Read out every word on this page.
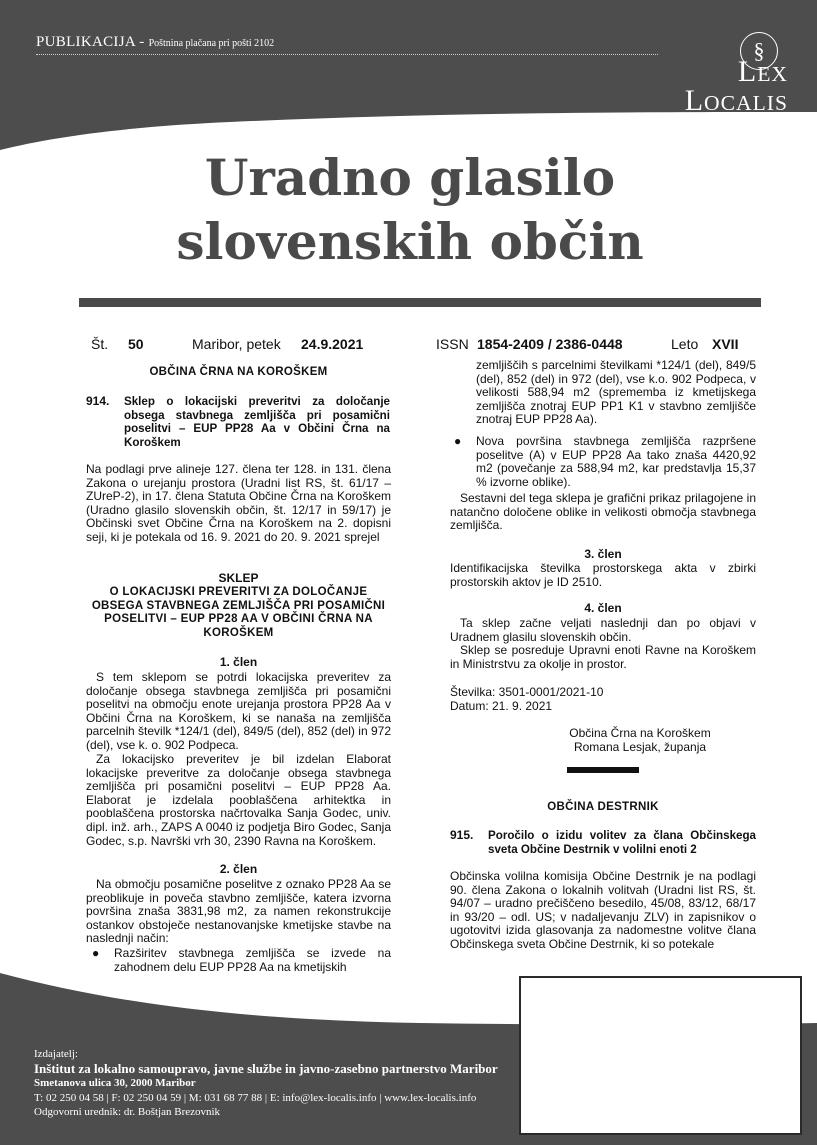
PUBLIKACIJA - Poštnina plačana pri pošti 2102	§
LEX
LOCALIS
Uradno glasilo
slovenskih občin
Št. 50	Maribor, petek 24.9.2021	ISSN 1854-2409 / 2386-0448	Leto XVII
OBČINA ČRNA NA KOROŠKEM
914.	Sklep o lokacijski preveritvi za določanje obsega stavbnega zemljišča pri posamični poselitvi – EUP PP28 Aa v Občini Črna na Koroškem
Na podlagi prve alineje 127. člena ter 128. in 131. člena Zakona o urejanju prostora (Uradni list RS, št. 61/17 – ZUreP-2), in 17. člena Statuta Občine Črna na Koroškem (Uradno glasilo slovenskih občin, št. 12/17 in 59/17) je Občinski svet Občine Črna na Koroškem na 2. dopisni seji, ki je potekala od 16. 9. 2021 do 20. 9. 2021 sprejel
SKLEP
O LOKACIJSKI PREVERITVI ZA DOLOČANJE OBSEGA STAVBNEGA ZEMLJIŠČA PRI POSAMIČNI POSELITVI – EUP PP28 AA V OBČINI ČRNA NA KOROŠKEM
1. člen
S tem sklepom se potrdi lokacijska preveritev za določanje obsega stavbnega zemljišča pri posamični poselitvi na območju enote urejanja prostora PP28 Aa v Občini Črna na Koroškem, ki se nanaša na zemljišča parcelnih številk *124/1 (del), 849/5 (del), 852 (del) in 972 (del), vse k. o. 902 Podpeca.
Za lokacijsko preveritev je bil izdelan Elaborat lokacijske preveritve za določanje obsega stavbnega zemljišča pri posamični poselitvi – EUP PP28 Aa. Elaborat je izdelala pooblaščena arhitektka in pooblaščena prostorska načrtovalka Sanja Godec, univ. dipl. inž. arh., ZAPS A 0040 iz podjetja Biro Godec, Sanja Godec, s.p. Navrški vrh 30, 2390 Ravna na Koroškem.
2. člen
Na območju posamične poselitve z oznako PP28 Aa se preoblikuje in poveča stavbno zemljišče, katera izvorna površina znaša 3831,98 m2, za namen rekonstrukcije ostankov obstoječe nestanovanjske kmetijske stavbe na naslednji način:
● Razširitev stavbnega zemljišča se izvede na zahodnem delu EUP PP28 Aa na kmetijskih
zemljiščih s parcelnimi številkami *124/1 (del), 849/5 (del), 852 (del) in 972 (del), vse k.o. 902 Podpeca, v velikosti 588,94 m2 (sprememba iz kmetijskega zemljišča znotraj EUP PP1 K1 v stavbno zemljišče znotraj EUP PP28 Aa).
● Nova površina stavbnega zemljišča razpršene poselitve (A) v EUP PP28 Aa tako znaša 4420,92 m2 (povečanje za 588,94 m2, kar predstavlja 15,37 % izvorne oblike).
Sestavni del tega sklepa je grafični prikaz prilagojene in natančno določene oblike in velikosti območja stavbnega zemljišča.
3. člen
Identifikacijska številka prostorskega akta v zbirki prostorskih aktov je ID 2510.
4. člen
Ta sklep začne veljati naslednji dan po objavi v Uradnem glasilu slovenskih občin.
Sklep se posreduje Upravni enoti Ravne na Koroškem in Ministrstvu za okolje in prostor.
Številka: 3501-0001/2021-10
Datum: 21. 9. 2021
Občina Črna na Koroškem
Romana Lesjak, županja
OBČINA DESTRNIK
915.	Poročilo o izidu volitev za člana Občinskega sveta Občine Destrnik v volilni enoti 2
Občinska volilna komisija Občine Destrnik je na podlagi 90. člena Zakona o lokalnih volitvah (Uradni list RS, št. 94/07 – uradno prečiščeno besedilo, 45/08, 83/12, 68/17 in 93/20 – odl. US; v nadaljevanju ZLV) in zapisnikov o ugotovitvi izida glasovanja za nadomestne volitve člana Občinskega sveta Občine Destrnik, ki so potekale
Izdajatelj:
Inštitut za lokalno samoupravo, javne službe in javno-zasebno partnerstvo Maribor
Smetanova ulica 30, 2000 Maribor
T: 02 250 04 58 | F: 02 250 04 59 | M: 031 68 77 88 | E: info@lex-localis.info | www.lex-localis.info
Odgovorni urednik: dr. Boštjan Brezovnik
